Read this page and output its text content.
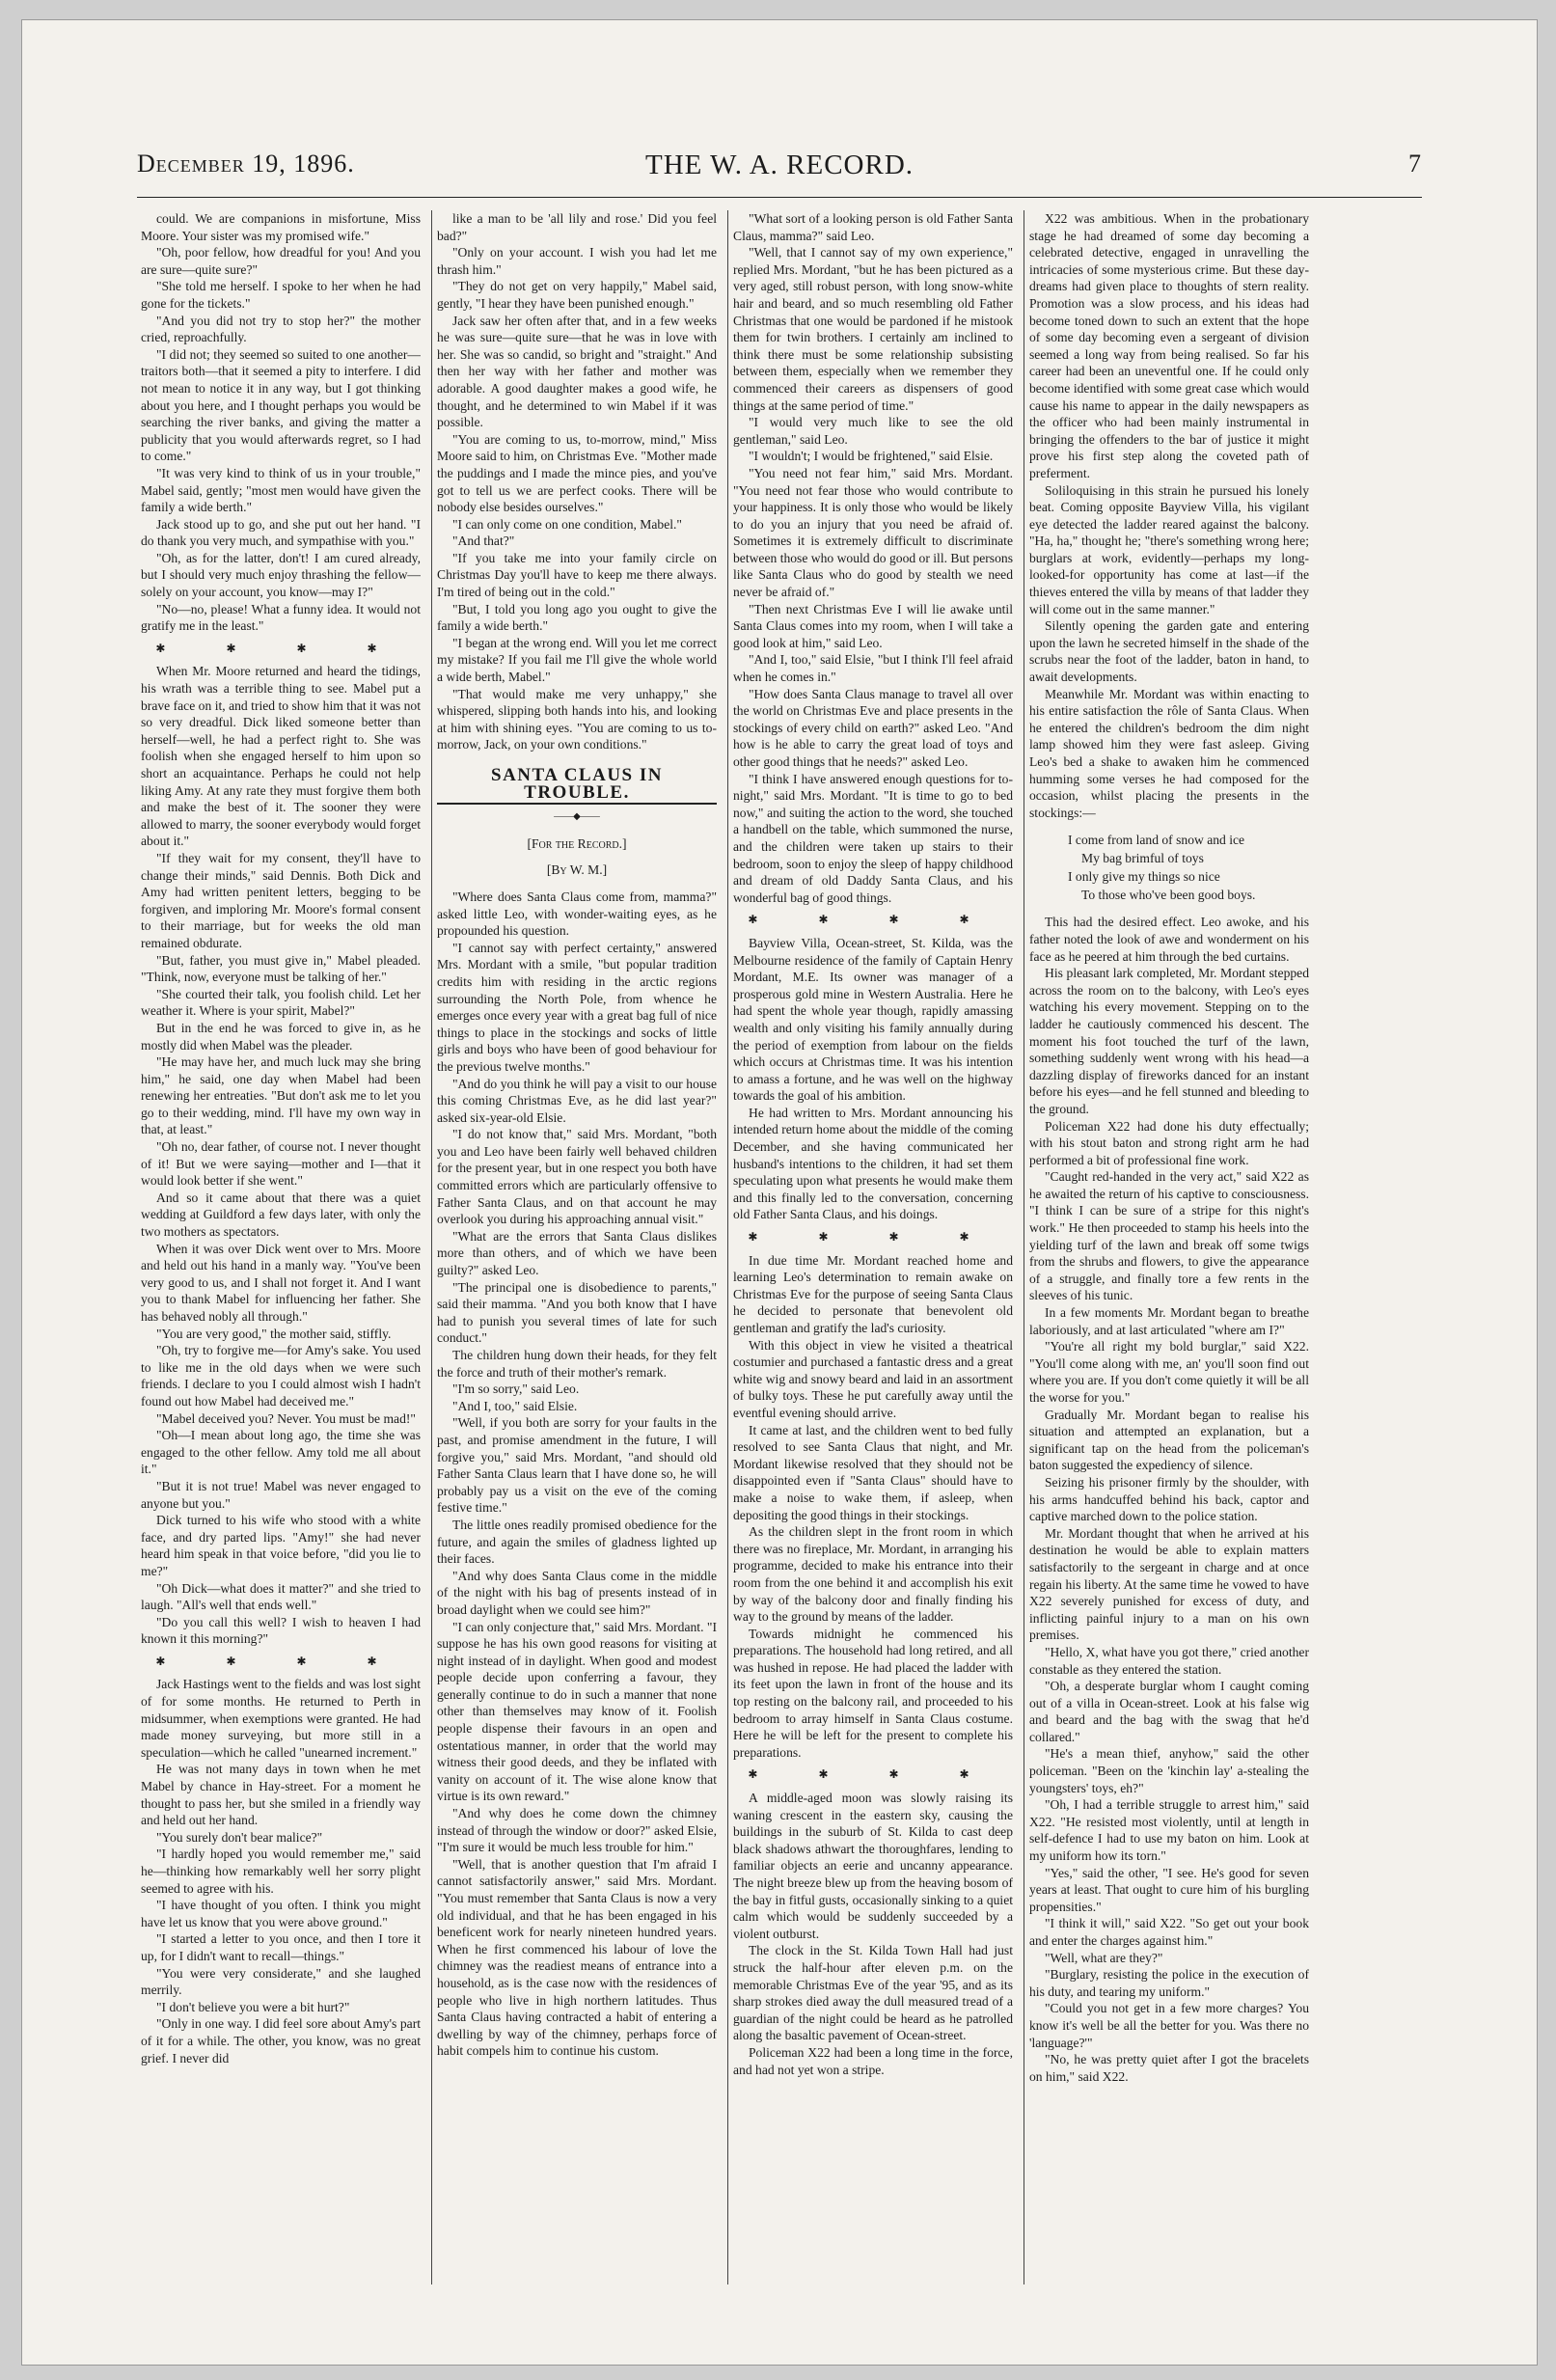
December 19, 1896.	THE W. A. RECORD.	7

could. We are companions in misfortune, Miss Moore. Your sister was my promised wife."

"Oh, poor fellow, how dreadful for you! And you are sure—quite sure?"

"She told me herself. I spoke to her when he had gone for the tickets."

"And you did not try to stop her?" the mother cried, reproachfully.

"I did not; they seemed so suited to one another—traitors both—that it seemed a pity to interfere. I did not mean to notice it in any way, but I got thinking about you here, and I thought perhaps you would be searching the river banks, and giving the matter a publicity that you would afterwards regret, so I had to come."

"It was very kind to think of us in your trouble," Mabel said, gently; "most men would have given the family a wide berth."

Jack stood up to go, and she put out her hand. "I do thank you very much, and sympathise with you."

"Oh, as for the latter, don't! I am cured already, but I should very much enjoy thrashing the fellow—solely on your account, you know—may I?"

"No—no, please! What a funny idea. It would not gratify me in the least."

✱ ✱ ✱ ✱

When Mr. Moore returned and heard the tidings, his wrath was a terrible thing to see. Mabel put a brave face on it, and tried to show him that it was not so very dreadful. Dick liked someone better than herself—well, he had a perfect right to. She was foolish when she engaged herself to him upon so short an acquaintance. Perhaps he could not help liking Amy. At any rate they must forgive them both and make the best of it. The sooner they were allowed to marry, the sooner everybody would forget about it."

"If they wait for my consent, they'll have to change their minds," said Dennis. Both Dick and Amy had written penitent letters, begging to be forgiven, and imploring Mr. Moore's formal consent to their marriage, but for weeks the old man remained obdurate.

"But, father, you must give in," Mabel pleaded. "Think, now, everyone must be talking of her."

"She courted their talk, you foolish child. Let her weather it. Where is your spirit, Mabel?"

But in the end he was forced to give in, as he mostly did when Mabel was the pleader.

"He may have her, and much luck may she bring him," he said, one day when Mabel had been renewing her entreaties. "But don't ask me to let you go to their wedding, mind. I'll have my own way in that, at least."

"Oh no, dear father, of course not. I never thought of it! But we were saying—mother and I—that it would look better if she went."

And so it came about that there was a quiet wedding at Guildford a few days later, with only the two mothers as spectators.

When it was over Dick went over to Mrs. Moore and held out his hand in a manly way. "You've been very good to us, and I shall not forget it. And I want you to thank Mabel for influencing her father. She has behaved nobly all through."

"You are very good," the mother said, stiffly.

"Oh, try to forgive me—for Amy's sake. You used to like me in the old days when we were such friends. I declare to you I could almost wish I hadn't found out how Mabel had deceived me."

"Mabel deceived you? Never. You must be mad!"

"Oh—I mean about long ago, the time she was engaged to the other fellow. Amy told me all about it."

"But it is not true! Mabel was never engaged to anyone but you."

Dick turned to his wife who stood with a white face, and dry parted lips. "Amy!" she had never heard him speak in that voice before, "did you lie to me?"

"Oh Dick—what does it matter?" and she tried to laugh. "All's well that ends well."

"Do you call this well? I wish to heaven I had known it this morning?"

✱ ✱ ✱ ✱

Jack Hastings went to the fields and was lost sight of for some months. He returned to Perth in midsummer, when exemptions were granted. He had made money surveying, but more still in a speculation—which he called "unearned increment."

He was not many days in town when he met Mabel by chance in Hay-street. For a moment he thought to pass her, but she smiled in a friendly way and held out her hand.

"You surely don't bear malice?"

"I hardly hoped you would remember me," said he—thinking how remarkably well her sorry plight seemed to agree with his.

"I have thought of you often. I think you might have let us know that you were above ground."

"I started a letter to you once, and then I tore it up, for I didn't want to recall—things."

"You were very considerate," and she laughed merrily.

"I don't believe you were a bit hurt?"

"Only in one way. I did feel sore about Amy's part of it for a while. The other, you know, was no great grief. I never did

like a man to be 'all lily and rose.' Did you feel bad?"

"Only on your account. I wish you had let me thrash him."

"They do not get on very happily," Mabel said, gently, "I hear they have been punished enough."

Jack saw her often after that, and in a few weeks he was sure—quite sure—that he was in love with her. She was so candid, so bright and "straight." And then her way with her father and mother was adorable. A good daughter makes a good wife, he thought, and he determined to win Mabel if it was possible.

"You are coming to us, to-morrow, mind," Miss Moore said to him, on Christmas Eve. "Mother made the puddings and I made the mince pies, and you've got to tell us we are perfect cooks. There will be nobody else besides ourselves."

"I can only come on one condition, Mabel."

"And that?"

"If you take me into your family circle on Christmas Day you'll have to keep me there always. I'm tired of being out in the cold."

"But, I told you long ago you ought to give the family a wide berth."

"I began at the wrong end. Will you let me correct my mistake? If you fail me I'll give the whole world a wide berth, Mabel."

"That would make me very unhappy," she whispered, slipping both hands into his, and looking at him with shining eyes. "You are coming to us to-morrow, Jack, on your own conditions."

SANTA CLAUS IN TROUBLE.
——◆——
[For the Record.]
[By W. M.]

"Where does Santa Claus come from, mamma?" asked little Leo, with wonder-waiting eyes, as he propounded his question.

"I cannot say with perfect certainty," answered Mrs. Mordant with a smile, "but popular tradition credits him with residing in the arctic regions surrounding the North Pole, from whence he emerges once every year with a great bag full of nice things to place in the stockings and socks of little girls and boys who have been of good behaviour for the previous twelve months."

"And do you think he will pay a visit to our house this coming Christmas Eve, as he did last year?" asked six-year-old Elsie.

"I do not know that," said Mrs. Mordant, "both you and Leo have been fairly well behaved children for the present year, but in one respect you both have committed errors which are particularly offensive to Father Santa Claus, and on that account he may overlook you during his approaching annual visit."

"What are the errors that Santa Claus dislikes more than others, and of which we have been guilty?" asked Leo.

"The principal one is disobedience to parents," said their mamma. "And you both know that I have had to punish you several times of late for such conduct."

The children hung down their heads, for they felt the force and truth of their mother's remark.

"I'm so sorry," said Leo.

"And I, too," said Elsie.

"Well, if you both are sorry for your faults in the past, and promise amendment in the future, I will forgive you," said Mrs. Mordant, "and should old Father Santa Claus learn that I have done so, he will probably pay us a visit on the eve of the coming festive time."

The little ones readily promised obedience for the future, and again the smiles of gladness lighted up their faces.

"And why does Santa Claus come in the middle of the night with his bag of presents instead of in broad daylight when we could see him?"

"I can only conjecture that," said Mrs. Mordant. "I suppose he has his own good reasons for visiting at night instead of in daylight. When good and modest people decide upon conferring a favour, they generally continue to do in such a manner that none other than themselves may know of it. Foolish people dispense their favours in an open and ostentatious manner, in order that the world may witness their good deeds, and they be inflated with vanity on account of it. The wise alone know that virtue is its own reward."

"And why does he come down the chimney instead of through the window or door?" asked Elsie, "I'm sure it would be much less trouble for him."

"Well, that is another question that I'm afraid I cannot satisfactorily answer," said Mrs. Mordant. "You must remember that Santa Claus is now a very old individual, and that he has been engaged in his beneficent work for nearly nineteen hundred years. When he first commenced his labour of love the chimney was the readiest means of entrance into a household, as is the case now with the residences of people who live in high northern latitudes. Thus Santa Claus having contracted a habit of entering a dwelling by way of the chimney, perhaps force of habit compels him to continue his custom.

"What sort of a looking person is old Father Santa Claus, mamma?" said Leo.

"Well, that I cannot say of my own experience," replied Mrs. Mordant, "but he has been pictured as a very aged, still robust person, with long snow-white hair and beard, and so much resembling old Father Christmas that one would be pardoned if he mistook them for twin brothers. I certainly am inclined to think there must be some relationship subsisting between them, especially when we remember they commenced their careers as dispensers of good things at the same period of time."

"I would very much like to see the old gentleman," said Leo.

"I wouldn't; I would be frightened," said Elsie.

"You need not fear him," said Mrs. Mordant. "You need not fear those who would contribute to your happiness. It is only those who would be likely to do you an injury that you need be afraid of. Sometimes it is extremely difficult to discriminate between those who would do good or ill. But persons like Santa Claus who do good by stealth we need never be afraid of."

"Then next Christmas Eve I will lie awake until Santa Claus comes into my room, when I will take a good look at him," said Leo.

"And I, too," said Elsie, "but I think I'll feel afraid when he comes in."

"How does Santa Claus manage to travel all over the world on Christmas Eve and place presents in the stockings of every child on earth?" asked Leo. "And how is he able to carry the great load of toys and other good things that he needs?" asked Leo.

"I think I have answered enough questions for to-night," said Mrs. Mordant. "It is time to go to bed now," and suiting the action to the word, she touched a handbell on the table, which summoned the nurse, and the children were taken up stairs to their bedroom, soon to enjoy the sleep of happy childhood and dream of old Daddy Santa Claus, and his wonderful bag of good things.

✱ ✱ ✱ ✱

Bayview Villa, Ocean-street, St. Kilda, was the Melbourne residence of the family of Captain Henry Mordant, M.E. Its owner was manager of a prosperous gold mine in Western Australia. Here he had spent the whole year though, rapidly amassing wealth and only visiting his family annually during the period of exemption from labour on the fields which occurs at Christmas time. It was his intention to amass a fortune, and he was well on the highway towards the goal of his ambition.

He had written to Mrs. Mordant announcing his intended return home about the middle of the coming December, and she having communicated her husband's intentions to the children, it had set them speculating upon what presents he would make them and this finally led to the conversation, concerning old Father Santa Claus, and his doings.

✱ ✱ ✱ ✱

In due time Mr. Mordant reached home and learning Leo's determination to remain awake on Christmas Eve for the purpose of seeing Santa Claus he decided to personate that benevolent old gentleman and gratify the lad's curiosity.

With this object in view he visited a theatrical costumier and purchased a fantastic dress and a great white wig and snowy beard and laid in an assortment of bulky toys. These he put carefully away until the eventful evening should arrive.

It came at last, and the children went to bed fully resolved to see Santa Claus that night, and Mr. Mordant likewise resolved that they should not be disappointed even if "Santa Claus" should have to make a noise to wake them, if asleep, when depositing the good things in their stockings.

As the children slept in the front room in which there was no fireplace, Mr. Mordant, in arranging his programme, decided to make his entrance into their room from the one behind it and accomplish his exit by way of the balcony door and finally finding his way to the ground by means of the ladder.

Towards midnight he commenced his preparations. The household had long retired, and all was hushed in repose. He had placed the ladder with its feet upon the lawn in front of the house and its top resting on the balcony rail, and proceeded to his bedroom to array himself in Santa Claus costume. Here he will be left for the present to complete his preparations.

✱ ✱ ✱ ✱

A middle-aged moon was slowly raising its waning crescent in the eastern sky, causing the buildings in the suburb of St. Kilda to cast deep black shadows athwart the thoroughfares, lending to familiar objects an eerie and uncanny appearance. The night breeze blew up from the heaving bosom of the bay in fitful gusts, occasionally sinking to a quiet calm which would be suddenly succeeded by a violent outburst.

The clock in the St. Kilda Town Hall had just struck the half-hour after eleven p.m. on the memorable Christmas Eve of the year '95, and as its sharp strokes died away the dull measured tread of a guardian of the night could be heard as he patrolled along the basaltic pavement of Ocean-street.

Policeman X22 had been a long time in the force, and had not yet won a stripe.

X22 was ambitious. When in the probationary stage he had dreamed of some day becoming a celebrated detective, engaged in unravelling the intricacies of some mysterious crime. But these day-dreams had given place to thoughts of stern reality. Promotion was a slow process, and his ideas had become toned down to such an extent that the hope of some day becoming even a sergeant of division seemed a long way from being realised. So far his career had been an uneventful one. If he could only become identified with some great case which would cause his name to appear in the daily newspapers as the officer who had been mainly instrumental in bringing the offenders to the bar of justice it might prove his first step along the coveted path of preferment.

Soliloquising in this strain he pursued his lonely beat. Coming opposite Bayview Villa, his vigilant eye detected the ladder reared against the balcony. "Ha, ha," thought he; "there's something wrong here; burglars at work, evidently—perhaps my long-looked-for opportunity has come at last—if the thieves entered the villa by means of that ladder they will come out in the same manner."

Silently opening the garden gate and entering upon the lawn he secreted himself in the shade of the scrubs near the foot of the ladder, baton in hand, to await developments.

Meanwhile Mr. Mordant was within enacting to his entire satisfaction the rôle of Santa Claus. When he entered the children's bedroom the dim night lamp showed him they were fast asleep. Giving Leo's bed a shake to awaken him he commenced humming some verses he had composed for the occasion, whilst placing the presents in the stockings:—

I come from land of snow and ice
My bag brimful of toys
I only give my things so nice
To those who've been good boys.

This had the desired effect. Leo awoke, and his father noted the look of awe and wonderment on his face as he peered at him through the bed curtains.

His pleasant lark completed, Mr. Mordant stepped across the room on to the balcony, with Leo's eyes watching his every movement. Stepping on to the ladder he cautiously commenced his descent. The moment his foot touched the turf of the lawn, something suddenly went wrong with his head—a dazzling display of fireworks danced for an instant before his eyes—and he fell stunned and bleeding to the ground.

Policeman X22 had done his duty effectually; with his stout baton and strong right arm he had performed a bit of professional fine work.

"Caught red-handed in the very act," said X22 as he awaited the return of his captive to consciousness. "I think I can be sure of a stripe for this night's work." He then proceeded to stamp his heels into the yielding turf of the lawn and break off some twigs from the shrubs and flowers, to give the appearance of a struggle, and finally tore a few rents in the sleeves of his tunic.

In a few moments Mr. Mordant began to breathe laboriously, and at last articulated "where am I?"

"You're all right my bold burglar," said X22. "You'll come along with me, an' you'll soon find out where you are. If you don't come quietly it will be all the worse for you."

Gradually Mr. Mordant began to realise his situation and attempted an explanation, but a significant tap on the head from the policeman's baton suggested the expediency of silence.

Seizing his prisoner firmly by the shoulder, with his arms handcuffed behind his back, captor and captive marched down to the police station.

Mr. Mordant thought that when he arrived at his destination he would be able to explain matters satisfactorily to the sergeant in charge and at once regain his liberty. At the same time he vowed to have X22 severely punished for excess of duty, and inflicting painful injury to a man on his own premises.

"Hello, X, what have you got there," cried another constable as they entered the station.

"Oh, a desperate burglar whom I caught coming out of a villa in Ocean-street. Look at his false wig and beard and the bag with the swag that he'd collared."

"He's a mean thief, anyhow," said the other policeman. "Been on the 'kinchin lay' a-stealing the youngsters' toys, eh?"

"Oh, I had a terrible struggle to arrest him," said X22. "He resisted most violently, until at length in self-defence I had to use my baton on him. Look at my uniform how its torn."

"Yes," said the other, "I see. He's good for seven years at least. That ought to cure him of his burgling propensities."

"I think it will," said X22. "So get out your book and enter the charges against him."

"Well, what are they?"

"Burglary, resisting the police in the execution of his duty, and tearing my uniform."

"Could you not get in a few more charges? You know it's well be all the better for you. Was there no 'language?'"

"No, he was pretty quiet after I got the bracelets on him," said X22.
